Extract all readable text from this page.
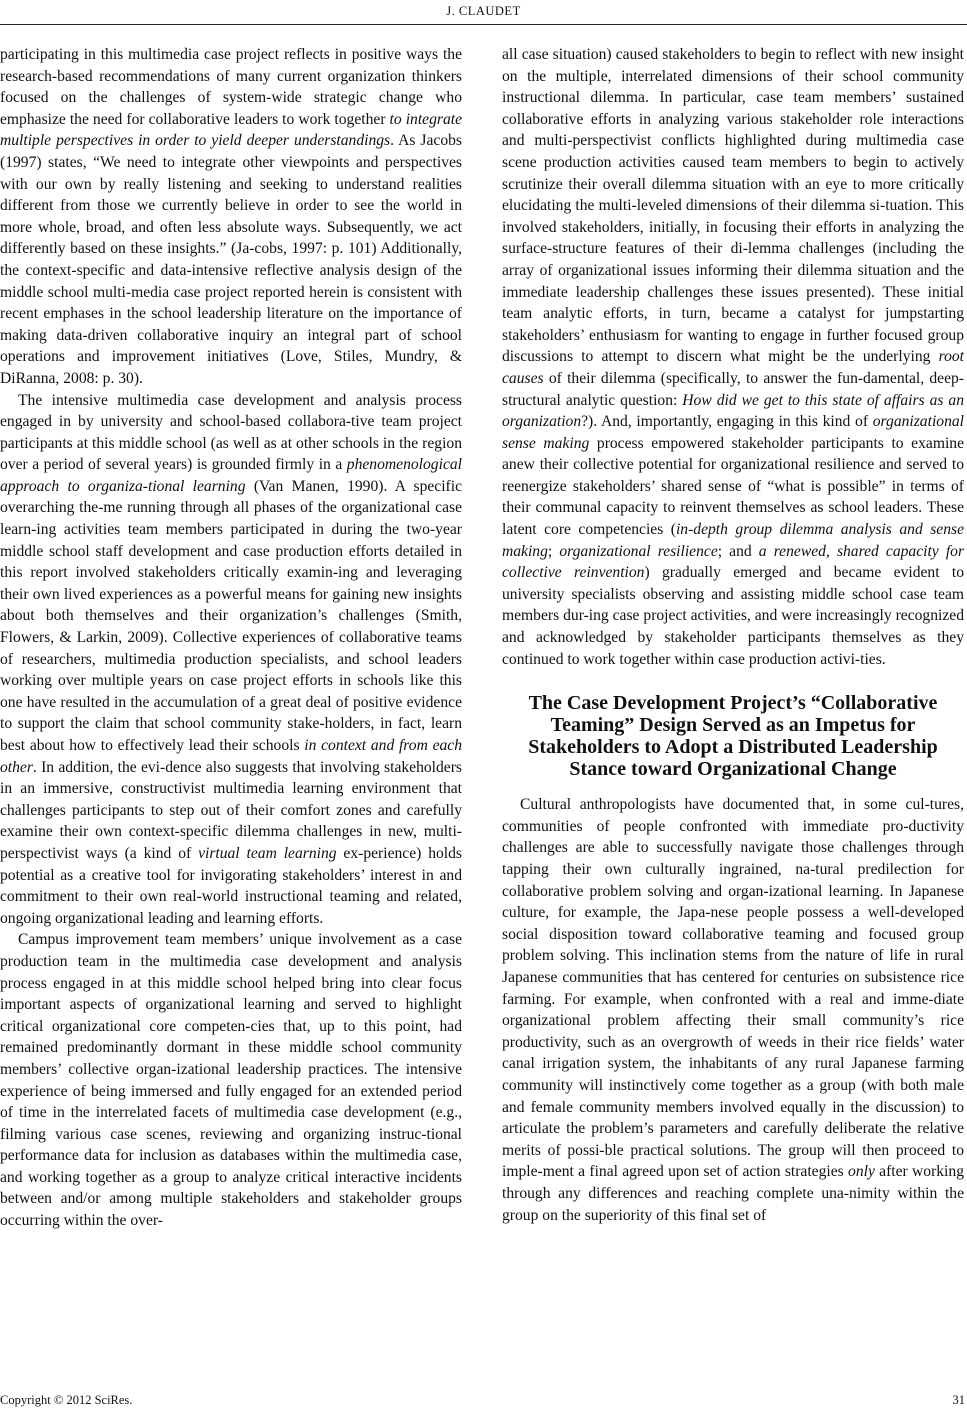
J. CLAUDET

participating in this multimedia case project reflects in positive ways the research-based recommendations of many current organization thinkers focused on the challenges of system-wide strategic change who emphasize the need for collaborative leaders to work together to integrate multiple perspectives in order to yield deeper understandings. As Jacobs (1997) states, “We need to integrate other viewpoints and perspectives with our own by really listening and seeking to understand realities different from those we currently believe in order to see the world in more whole, broad, and often less absolute ways. Subsequently, we act differently based on these insights.” (Ja-cobs, 1997: p. 101) Additionally, the context-specific and data-intensive reflective analysis design of the middle school multi-media case project reported herein is consistent with recent emphases in the school leadership literature on the importance of making data-driven collaborative inquiry an integral part of school operations and improvement initiatives (Love, Stiles, Mundry, & DiRanna, 2008: p. 30).

The intensive multimedia case development and analysis process engaged in by university and school-based collabora-tive team project participants at this middle school (as well as at other schools in the region over a period of several years) is grounded firmly in a phenomenological approach to organiza-tional learning (Van Manen, 1990). A specific overarching the-me running through all phases of the organizational case learn-ing activities team members participated in during the two-year middle school staff development and case production efforts detailed in this report involved stakeholders critically examin-ing and leveraging their own lived experiences as a powerful means for gaining new insights about both themselves and their organization’s challenges (Smith, Flowers, & Larkin, 2009). Collective experiences of collaborative teams of researchers, multimedia production specialists, and school leaders working over multiple years on case project efforts in schools like this one have resulted in the accumulation of a great deal of positive evidence to support the claim that school community stake-holders, in fact, learn best about how to effectively lead their schools in context and from each other. In addition, the evi-dence also suggests that involving stakeholders in an immersive, constructivist multimedia learning environment that challenges participants to step out of their comfort zones and carefully examine their own context-specific dilemma challenges in new, multi-perspectivist ways (a kind of virtual team learning ex-perience) holds potential as a creative tool for invigorating stakeholders’ interest in and commitment to their own real-world instructional teaming and related, ongoing organizational leading and learning efforts.

Campus improvement team members’ unique involvement as a case production team in the multimedia case development and analysis process engaged in at this middle school helped bring into clear focus important aspects of organizational learning and served to highlight critical organizational core competen-cies that, up to this point, had remained predominantly dormant in these middle school community members’ collective organ-izational leadership practices. The intensive experience of being immersed and fully engaged for an extended period of time in the interrelated facets of multimedia case development (e.g., filming various case scenes, reviewing and organizing instruc-tional performance data for inclusion as databases within the multimedia case, and working together as a group to analyze critical interactive incidents between and/or among multiple stakeholders and stakeholder groups occurring within the over-

all case situation) caused stakeholders to begin to reflect with new insight on the multiple, interrelated dimensions of their school community instructional dilemma. In particular, case team members’ sustained collaborative efforts in analyzing various stakeholder role interactions and multi-perspectivist conflicts highlighted during multimedia case scene production activities caused team members to begin to actively scrutinize their overall dilemma situation with an eye to more critically elucidating the multi-leveled dimensions of their dilemma si-tuation. This involved stakeholders, initially, in focusing their efforts in analyzing the surface-structure features of their di-lemma challenges (including the array of organizational issues informing their dilemma situation and the immediate leadership challenges these issues presented). These initial team analytic efforts, in turn, became a catalyst for jumpstarting stakeholders’ enthusiasm for wanting to engage in further focused group discussions to attempt to discern what might be the underlying root causes of their dilemma (specifically, to answer the fun-damental, deep-structural analytic question: How did we get to this state of affairs as an organization?). And, importantly, engaging in this kind of organizational sense making process empowered stakeholder participants to examine anew their collective potential for organizational resilience and served to reenergize stakeholders’ shared sense of “what is possible” in terms of their communal capacity to reinvent themselves as school leaders. These latent core competencies (in-depth group dilemma analysis and sense making; organizational resilience; and a renewed, shared capacity for collective reinvention) gradually emerged and became evident to university specialists observing and assisting middle school case team members dur-ing case project activities, and were increasingly recognized and acknowledged by stakeholder participants themselves as they continued to work together within case production activi-ties.

The Case Development Project’s “Collaborative Teaming” Design Served as an Impetus for Stakeholders to Adopt a Distributed Leadership Stance toward Organizational Change

Cultural anthropologists have documented that, in some cul-tures, communities of people confronted with immediate pro-ductivity challenges are able to successfully navigate those challenges through tapping their own culturally ingrained, na-tural predilection for collaborative problem solving and organ-izational learning. In Japanese culture, for example, the Japa-nese people possess a well-developed social disposition toward collaborative teaming and focused group problem solving. This inclination stems from the nature of life in rural Japanese communities that has centered for centuries on subsistence rice farming. For example, when confronted with a real and imme-diate organizational problem affecting their small community’s rice productivity, such as an overgrowth of weeds in their rice fields’ water canal irrigation system, the inhabitants of any rural Japanese farming community will instinctively come together as a group (with both male and female community members involved equally in the discussion) to articulate the problem’s parameters and carefully deliberate the relative merits of possi-ble practical solutions. The group will then proceed to imple-ment a final agreed upon set of action strategies only after working through any differences and reaching complete una-nimity within the group on the superiority of this final set of

Copyright © 2012 SciRes.	31
